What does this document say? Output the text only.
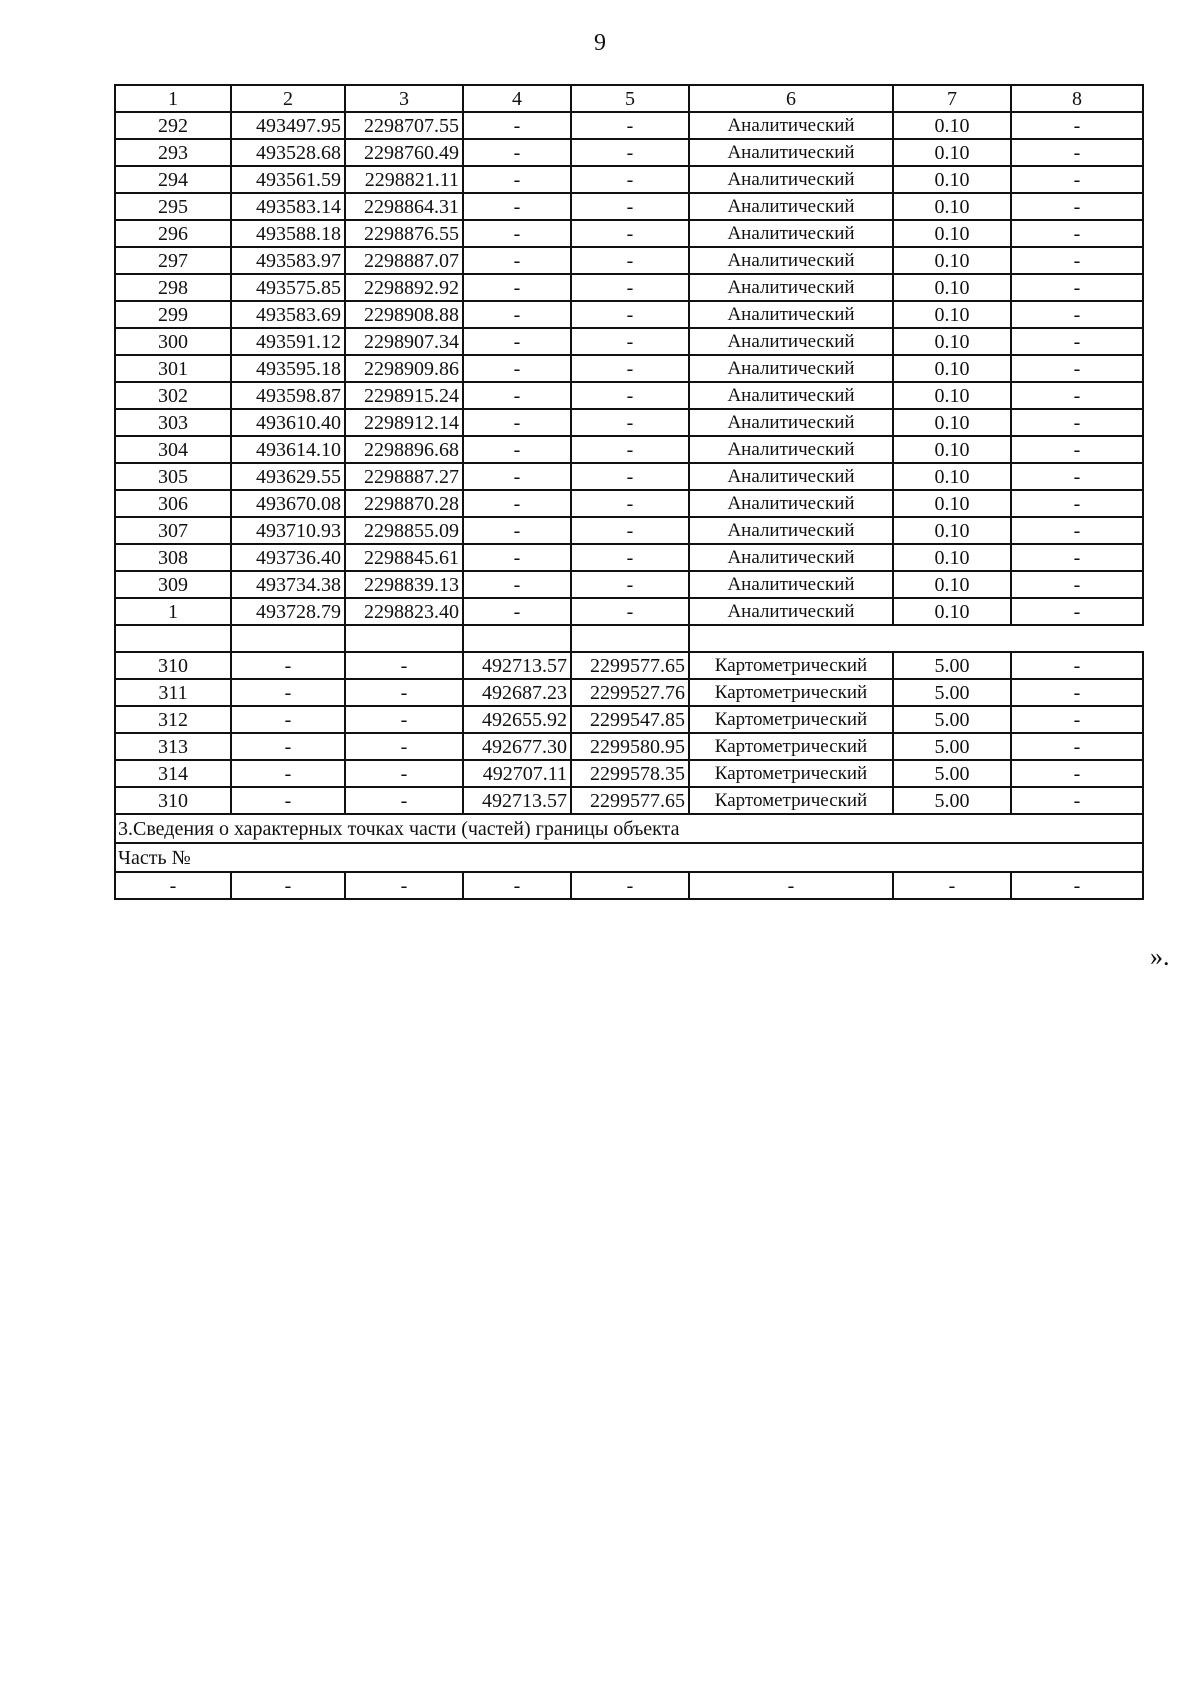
9
1	2	3	4	5	6	7	8
292	493497.95	2298707.55	-	-	Аналитический	0.10	-
293	493528.68	2298760.49	-	-	Аналитический	0.10	-
294	493561.59	2298821.11	-	-	Аналитический	0.10	-
295	493583.14	2298864.31	-	-	Аналитический	0.10	-
296	493588.18	2298876.55	-	-	Аналитический	0.10	-
297	493583.97	2298887.07	-	-	Аналитический	0.10	-
298	493575.85	2298892.92	-	-	Аналитический	0.10	-
299	493583.69	2298908.88	-	-	Аналитический	0.10	-
300	493591.12	2298907.34	-	-	Аналитический	0.10	-
301	493595.18	2298909.86	-	-	Аналитический	0.10	-
302	493598.87	2298915.24	-	-	Аналитический	0.10	-
303	493610.40	2298912.14	-	-	Аналитический	0.10	-
304	493614.10	2298896.68	-	-	Аналитический	0.10	-
305	493629.55	2298887.27	-	-	Аналитический	0.10	-
306	493670.08	2298870.28	-	-	Аналитический	0.10	-
307	493710.93	2298855.09	-	-	Аналитический	0.10	-
308	493736.40	2298845.61	-	-	Аналитический	0.10	-
309	493734.38	2298839.13	-	-	Аналитический	0.10	-
1	493728.79	2298823.40	-	-	Аналитический	0.10	-

310	-	-	492713.57	2299577.65	Картометрический	5.00	-
311	-	-	492687.23	2299527.76	Картометрический	5.00	-
312	-	-	492655.92	2299547.85	Картометрический	5.00	-
313	-	-	492677.30	2299580.95	Картометрический	5.00	-
314	-	-	492707.11	2299578.35	Картометрический	5.00	-
310	-	-	492713.57	2299577.65	Картометрический	5.00	-
3.Сведения о характерных точках части (частей) границы объекта							
Часть №							
-	-	-	-	-	-	-	-
».
